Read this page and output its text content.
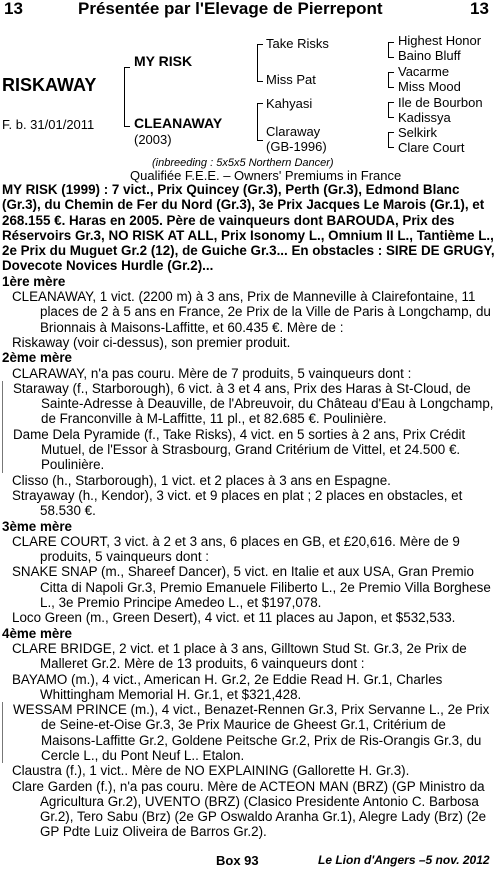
13	Présentée par l'Elevage de Pierrepont	13
RISKAWAY
F. b. 31/01/2011
MY RISK
CLEANAWAY
(2003)
Take Risks
Miss Pat
Kahyasi
Claraway
(GB-1996)
Highest Honor
Baino Bluff
Vacarme
Miss Mood
Ile de Bourbon
Kadissya
Selkirk
Clare Court
(inbreeding : 5x5x5 Northern Dancer)
Qualifiée F.E.E. – Owners' Premiums in France

MY RISK (1999) : 7 vict., Prix Quincey (Gr.3), Perth (Gr.3), Edmond Blanc (Gr.3), du Chemin de Fer du Nord (Gr.3), 3e Prix Jacques Le Marois (Gr.1), et 268.155 €. Haras en 2005. Père de vainqueurs dont BAROUDA, Prix des Réservoirs Gr.3, NO RISK AT ALL, Prix Isonomy L., Omnium II L., Tantième L., 2e Prix du Muguet Gr.2 (12), de Guiche Gr.3... En obstacles : SIRE DE GRUGY, Dovecote Novices Hurdle (Gr.2)...

1ère mère

CLEANAWAY, 1 vict. (2200 m) à 3 ans, Prix de Manneville à Clairefontaine, 11 places de 2 à 5 ans en France, 2e Prix de la Ville de Paris à Longchamp, du Brionnais à Maisons-Laffitte, et 60.435 €. Mère de :

Riskaway (voir ci-dessus), son premier produit.

2ème mère

CLARAWAY, n'a pas couru. Mère de 7 produits, 5 vainqueurs dont :

Staraway (f., Starborough), 6 vict. à 3 et 4 ans, Prix des Haras à St-Cloud, de Sainte-Adresse à Deauville, de l'Abreuvoir, du Château d'Eau à Longchamp, de Franconville à M-Laffitte, 11 pl., et 82.685 €. Poulinière.

Dame Dela Pyramide (f., Take Risks), 4 vict. en 5 sorties à 2 ans, Prix Crédit Mutuel, de l'Essor à Strasbourg, Grand Critérium de Vittel, et 24.500 €. Poulinière.

Clisso (h., Starborough), 1 vict. et 2 places à 3 ans en Espagne.

Strayaway (h., Kendor), 3 vict. et 9 places en plat ; 2 places en obstacles, et 58.530 €.

3ème mère

CLARE COURT, 3 vict. à 2 et 3 ans, 6 places en GB, et £20,616. Mère de 9 produits, 5 vainqueurs dont :

SNAKE SNAP (m., Shareef Dancer), 5 vict. en Italie et aux USA, Gran Premio Citta di Napoli Gr.3, Premio Emanuele Filiberto L., 2e Premio Villa Borghese L., 3e Premio Principe Amedeo L., et $197,078.

Loco Green (m., Green Desert), 4 vict. et 11 places au Japon, et $532,533.

4ème mère

CLARE BRIDGE, 2 vict. et 1 place à 3 ans, Gilltown Stud St. Gr.3, 2e Prix de Malleret Gr.2. Mère de 13 produits, 6 vainqueurs dont :

BAYAMO (m.), 4 vict., American H. Gr.2, 2e Eddie Read H. Gr.1, Charles Whittingham Memorial H. Gr.1, et $321,428.

WESSAM PRINCE (m.), 4 vict., Benazet-Rennen Gr.3, Prix Servanne L., 2e Prix de Seine-et-Oise Gr.3, 3e Prix Maurice de Gheest Gr.1, Critérium de Maisons-Laffitte Gr.2, Goldene Peitsche Gr.2, Prix de Ris-Orangis Gr.3, du Cercle L., du Pont Neuf L.. Etalon.

Claustra (f.), 1 vict.. Mère de NO EXPLAINING (Gallorette H. Gr.3).

Clare Garden (f.), n'a pas couru. Mère de ACTEON MAN (BRZ) (GP Ministro da Agricultura Gr.2), UVENTO (BRZ) (Clasico Presidente Antonio C. Barbosa Gr.2), Tero Sabu (Brz) (2e GP Oswaldo Aranha Gr.1), Alegre Lady (Brz) (2e GP Pdte Luiz Oliveira de Barros Gr.2).

Box 93	Le Lion d'Angers –5 nov. 2012
